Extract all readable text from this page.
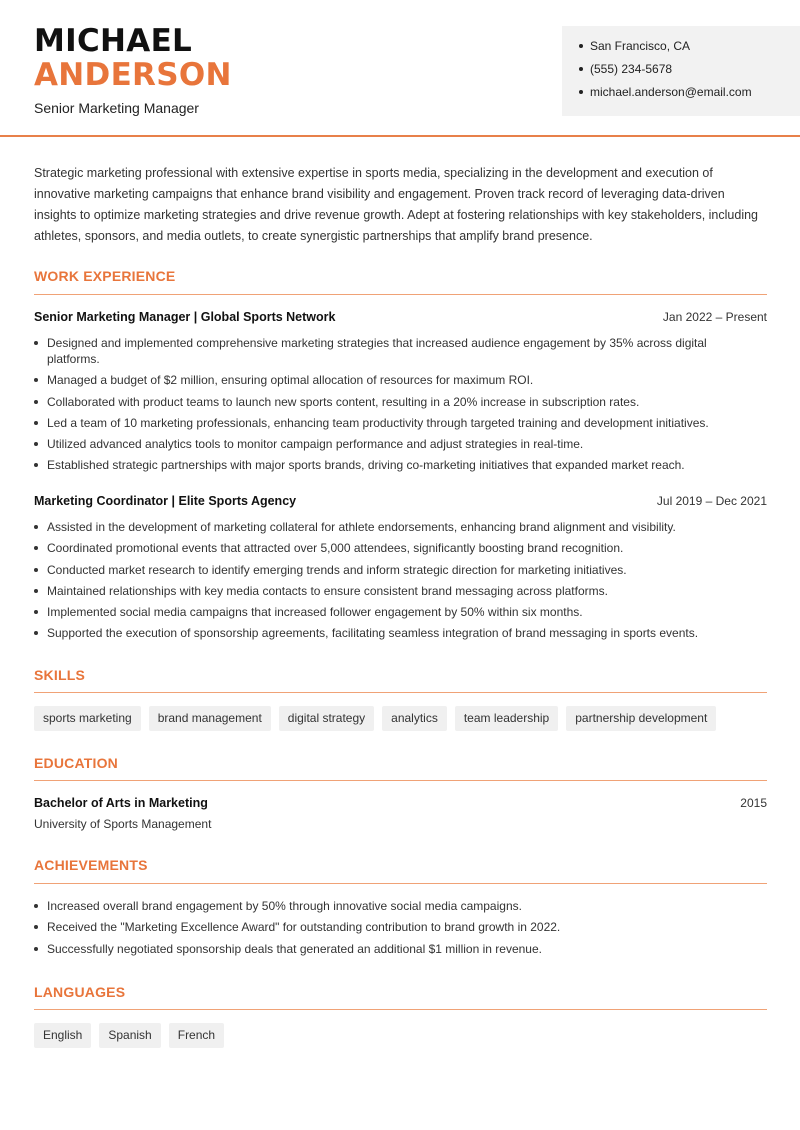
MICHAEL
ANDERSON
Senior Marketing Manager
San Francisco, CA
(555) 234-5678
michael.anderson@email.com

Strategic marketing professional with extensive expertise in sports media, specializing in the development and execution of innovative marketing campaigns that enhance brand visibility and engagement. Proven track record of leveraging data-driven insights to optimize marketing strategies and drive revenue growth. Adept at fostering relationships with key stakeholders, including athletes, sponsors, and media outlets, to create synergistic partnerships that amplify brand presence.

WORK EXPERIENCE
Senior Marketing Manager | Global Sports Network	Jan 2022 – Present
Designed and implemented comprehensive marketing strategies that increased audience engagement by 35% across digital platforms.
Managed a budget of $2 million, ensuring optimal allocation of resources for maximum ROI.
Collaborated with product teams to launch new sports content, resulting in a 20% increase in subscription rates.
Led a team of 10 marketing professionals, enhancing team productivity through targeted training and development initiatives.
Utilized advanced analytics tools to monitor campaign performance and adjust strategies in real-time.
Established strategic partnerships with major sports brands, driving co-marketing initiatives that expanded market reach.
Marketing Coordinator | Elite Sports Agency	Jul 2019 – Dec 2021
Assisted in the development of marketing collateral for athlete endorsements, enhancing brand alignment and visibility.
Coordinated promotional events that attracted over 5,000 attendees, significantly boosting brand recognition.
Conducted market research to identify emerging trends and inform strategic direction for marketing initiatives.
Maintained relationships with key media contacts to ensure consistent brand messaging across platforms.
Implemented social media campaigns that increased follower engagement by 50% within six months.
Supported the execution of sponsorship agreements, facilitating seamless integration of brand messaging in sports events.
SKILLS
sports marketing	brand management	digital strategy	analytics	team leadership	partnership development
EDUCATION
Bachelor of Arts in Marketing	2015
University of Sports Management
ACHIEVEMENTS
Increased overall brand engagement by 50% through innovative social media campaigns.
Received the "Marketing Excellence Award" for outstanding contribution to brand growth in 2022.
Successfully negotiated sponsorship deals that generated an additional $1 million in revenue.
LANGUAGES
English	Spanish	French
